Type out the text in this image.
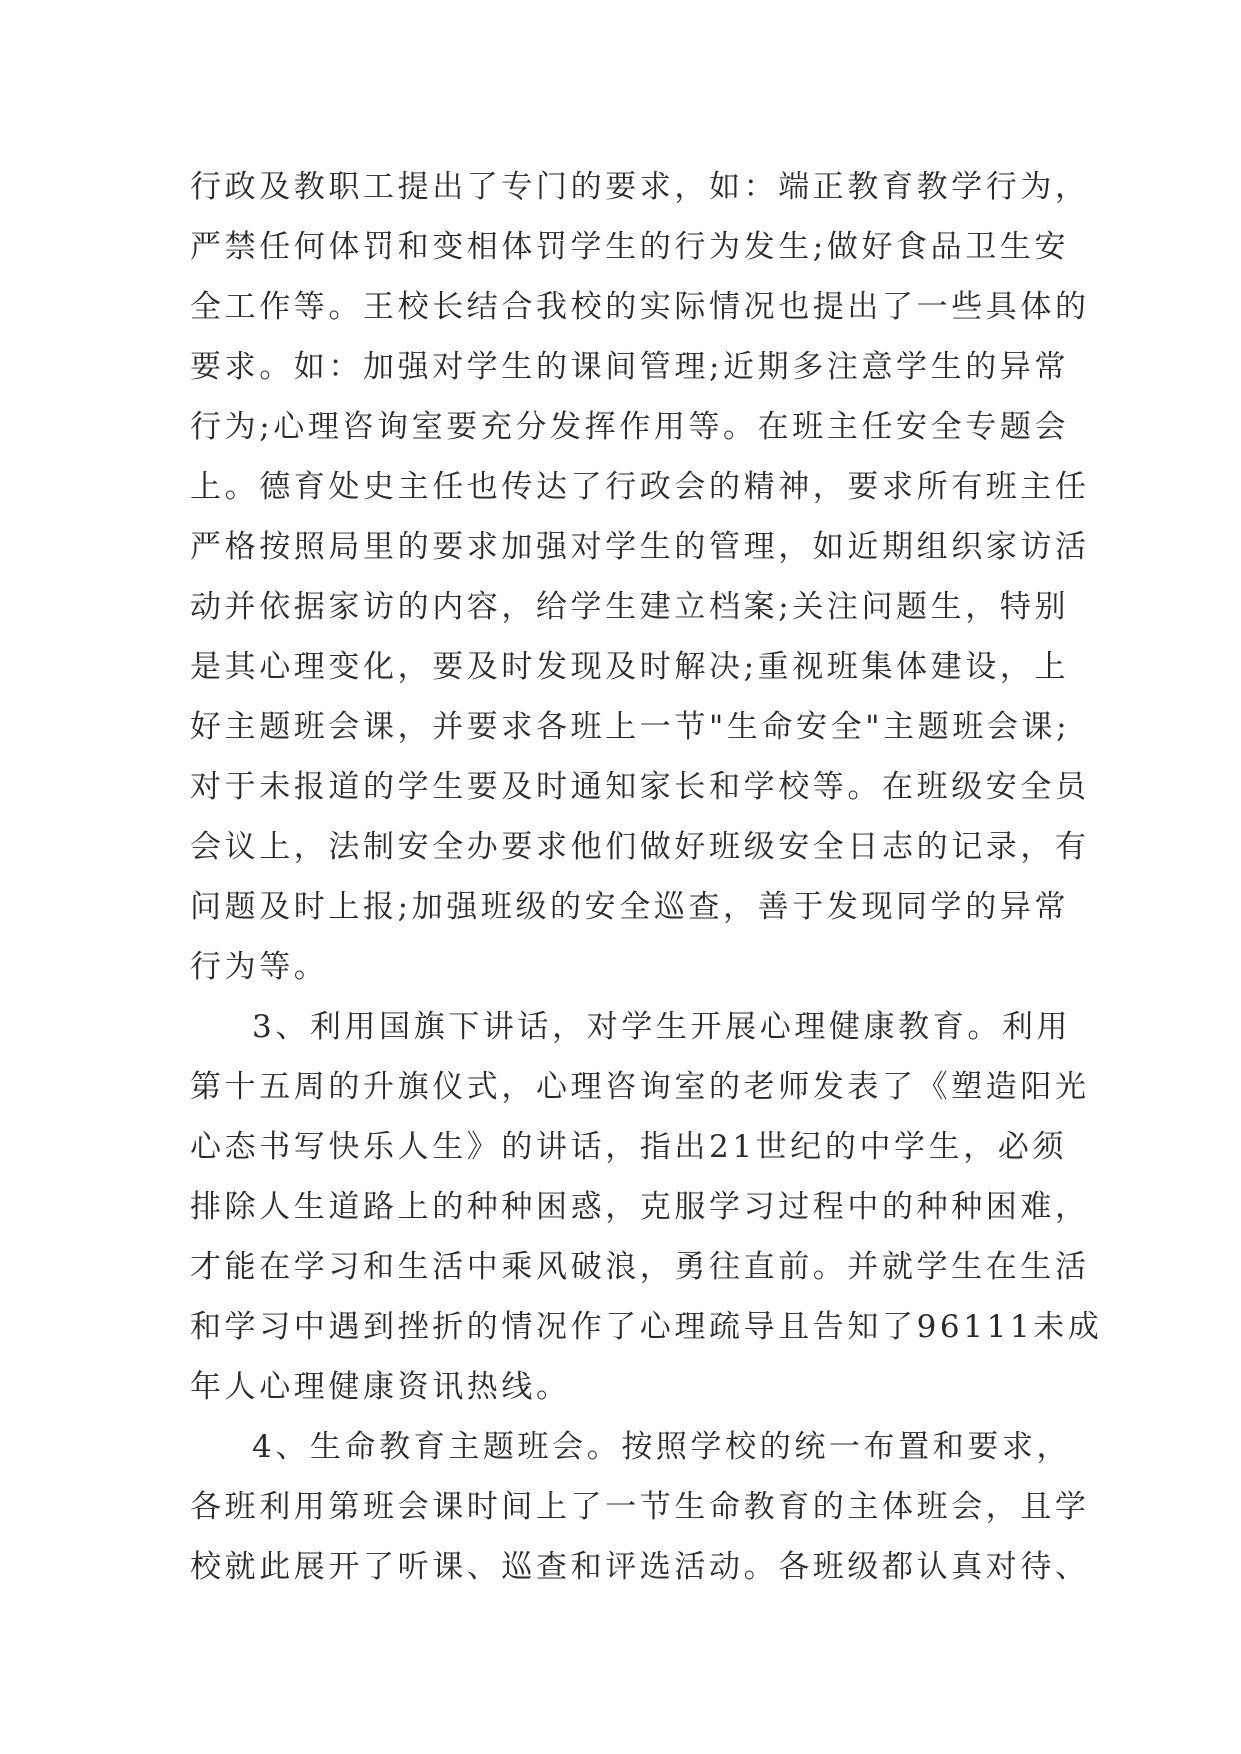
行政及教职工提出了专门的要求，如：端正教育教学行为，
严禁任何体罚和变相体罚学生的行为发生;做好食品卫生安
全工作等。王校长结合我校的实际情况也提出了一些具体的
要求。如：加强对学生的课间管理;近期多注意学生的异常
行为;心理咨询室要充分发挥作用等。在班主任安全专题会
上。德育处史主任也传达了行政会的精神，要求所有班主任
严格按照局里的要求加强对学生的管理，如近期组织家访活
动并依据家访的内容，给学生建立档案;关注问题生，特别
是其心理变化，要及时发现及时解决;重视班集体建设，上
好主题班会课，并要求各班上一节"生命安全"主题班会课;
对于未报道的学生要及时通知家长和学校等。在班级安全员
会议上，法制安全办要求他们做好班级安全日志的记录，有
问题及时上报;加强班级的安全巡查，善于发现同学的异常
行为等。
3、利用国旗下讲话，对学生开展心理健康教育。利用
第十五周的升旗仪式，心理咨询室的老师发表了《塑造阳光
心态书写快乐人生》的讲话，指出21世纪的中学生，必须
排除人生道路上的种种困惑，克服学习过程中的种种困难，
才能在学习和生活中乘风破浪，勇往直前。并就学生在生活
和学习中遇到挫折的情况作了心理疏导且告知了96111未成
年人心理健康资讯热线。
4、生命教育主题班会。按照学校的统一布置和要求，
各班利用第班会课时间上了一节生命教育的主体班会，且学
校就此展开了听课、巡查和评选活动。各班级都认真对待、
